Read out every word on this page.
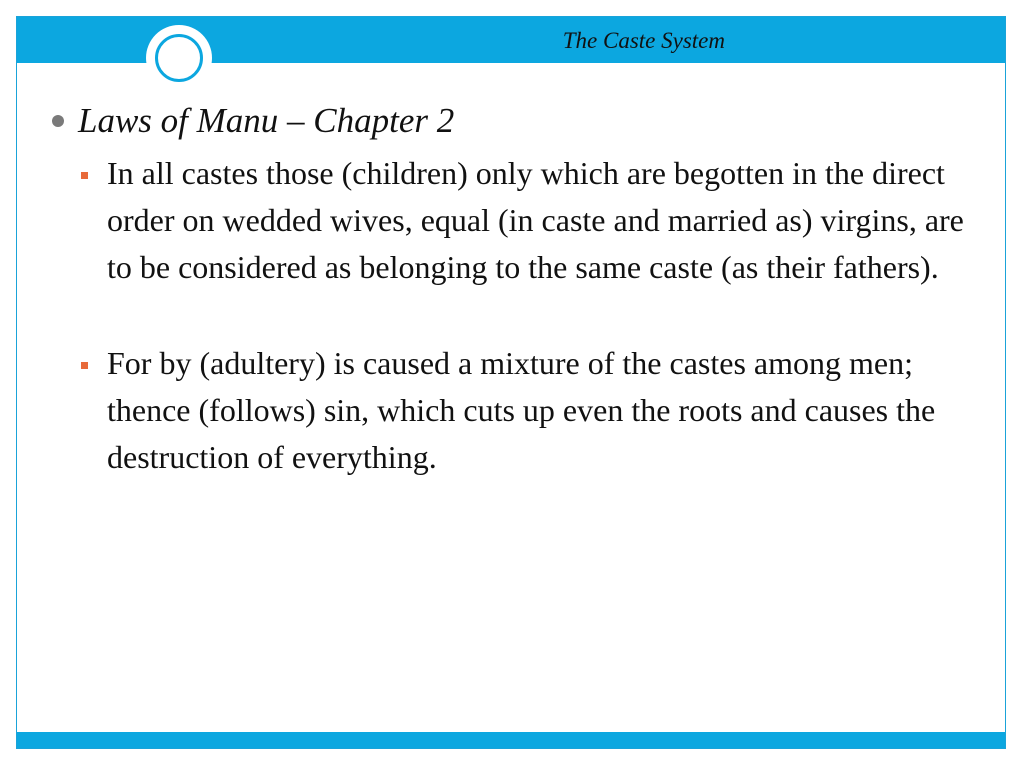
The Caste System
Laws of Manu – Chapter 2
In all castes those (children) only which are begotten in the direct order on wedded wives, equal (in caste and married as) virgins, are to be considered as belonging to the same caste (as their fathers).
For by (adultery) is caused a mixture of the castes among men; thence (follows) sin, which cuts up even the roots and causes the destruction of everything.
